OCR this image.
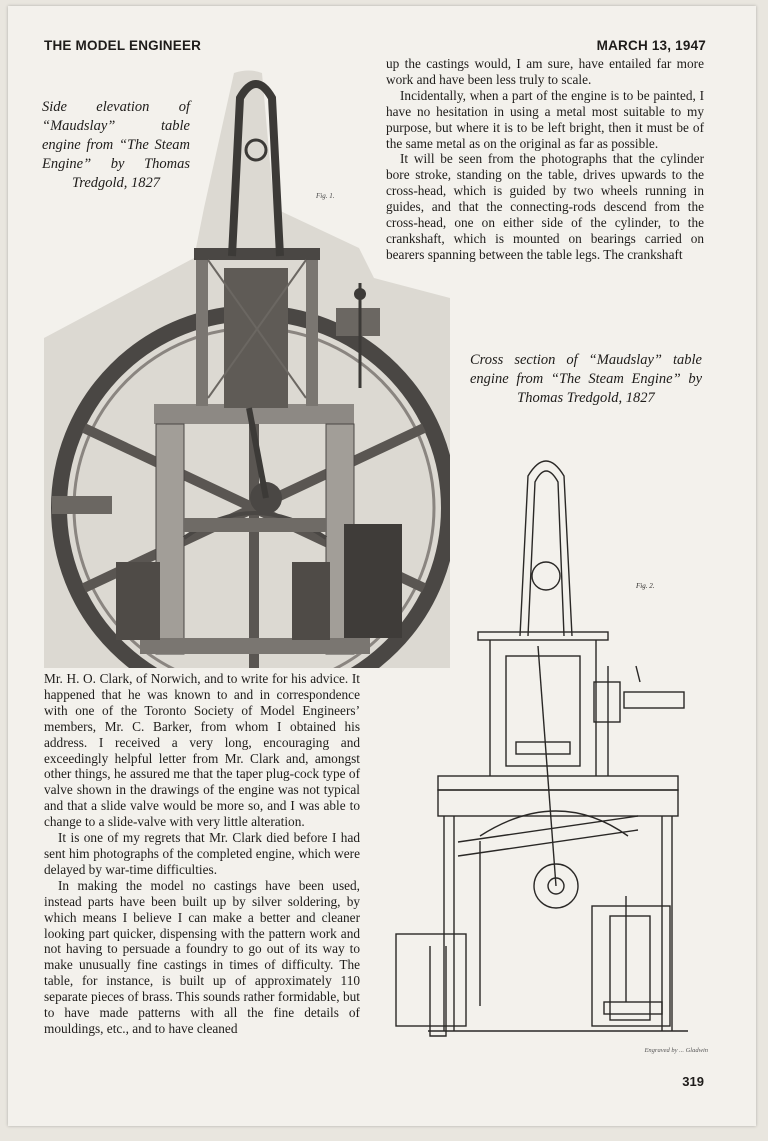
THE MODEL ENGINEER	MARCH 13, 1947
Fig. 1.
Side elevation of “Maudslay” table engine from “The Steam Engine” by Thomas Tredgold, 1827

up the castings would, I am sure, have entailed far more work and have been less truly to scale.

Incidentally, when a part of the engine is to be painted, I have no hesitation in using a metal most suitable to my purpose, but where it is to be left bright, then it must be of the same metal as on the original as far as possible.

It will be seen from the photographs that the cylinder bore stroke, standing on the table, drives upwards to the cross-head, which is guided by two wheels running in guides, and that the connecting-rods descend from the cross-head, one on either side of the cylinder, to the crankshaft, which is mounted on bearings carried on bearers spanning between the table legs. The crankshaft

Cross section of “Maudslay” table engine from “The Steam Engine” by Thomas Tredgold, 1827
Fig. 2.

Mr. H. O. Clark, of Norwich, and to write for his advice. It happened that he was known to and in correspondence with one of the Toronto Society of Model Engineers’ members, Mr. C. Barker, from whom I obtained his address. I received a very long, encouraging and exceedingly helpful letter from Mr. Clark and, amongst other things, he assured me that the taper plug-cock type of valve shown in the drawings of the engine was not typical and that a slide valve would be more so, and I was able to change to a slide-valve with very little alteration.

It is one of my regrets that Mr. Clark died before I had sent him photographs of the completed engine, which were delayed by war-time difficulties.

In making the model no castings have been used, instead parts have been built up by silver soldering, by which means I believe I can make a better and cleaner looking part quicker, dispensing with the pattern work and not having to persuade a foundry to go out of its way to make unusually fine castings in times of difficulty. The table, for instance, is built up of approximately 110 separate pieces of brass. This sounds rather formidable, but to have made patterns with all the fine details of mouldings, etc., and to have cleaned

Engraved by ... Gladwin
319
